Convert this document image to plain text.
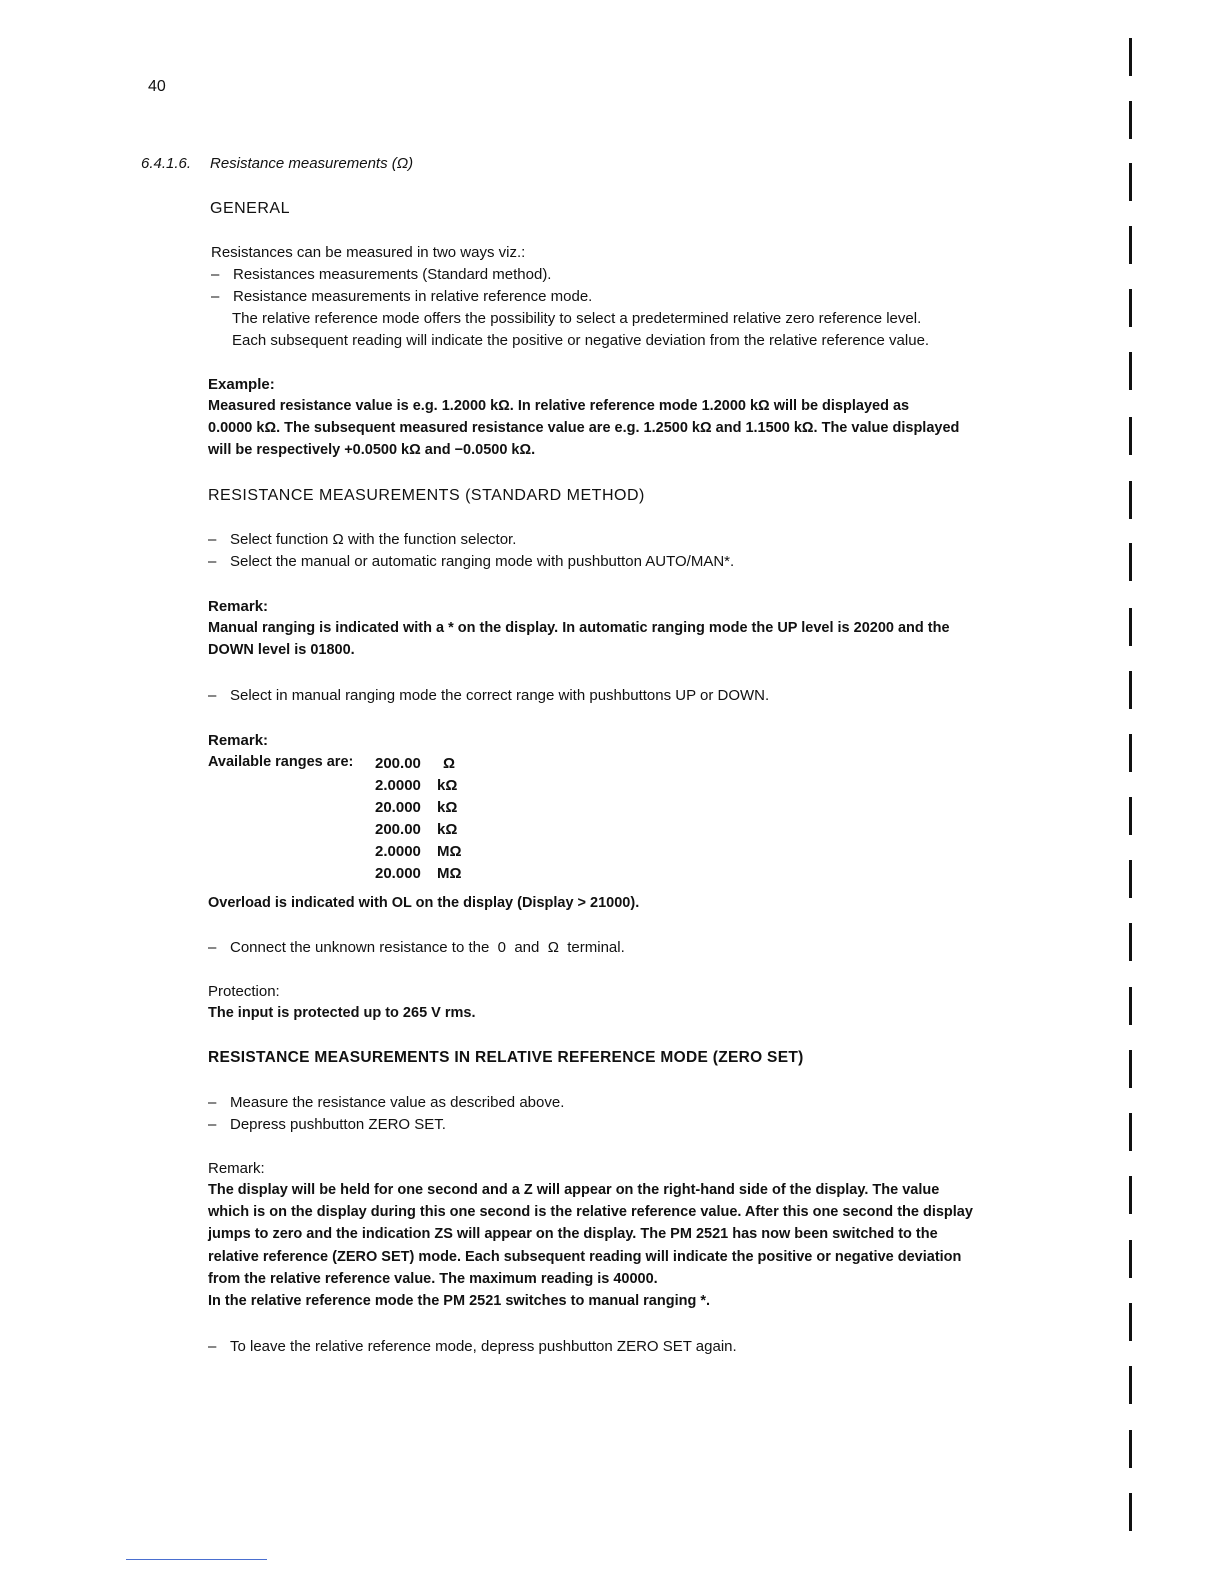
40
6.4.1.6. Resistance measurements (Ω)
GENERAL
Resistances can be measured in two ways viz.:
– Resistances measurements (Standard method).
– Resistance measurements in relative reference mode.
The relative reference mode offers the possibility to select a predetermined relative zero reference level.
Each subsequent reading will indicate the positive or negative deviation from the relative reference value.
Example:
Measured resistance value is e.g. 1.2000 kΩ. In relative reference mode 1.2000 kΩ will be displayed as
0.0000 kΩ. The subsequent measured resistance value are e.g. 1.2500 kΩ and 1.1500 kΩ. The value displayed
will be respectively +0.0500 kΩ and −0.0500 kΩ.
RESISTANCE MEASUREMENTS (STANDARD METHOD)
– Select function Ω with the function selector.
– Select the manual or automatic ranging mode with pushbutton AUTO/MAN*.
Remark:
Manual ranging is indicated with a * on the display. In automatic ranging mode the UP level is 20200 and the
DOWN level is 01800.
– Select in manual ranging mode the correct range with pushbuttons UP or DOWN.
Remark:
Available ranges are: 200.00 Ω
2.0000 kΩ
20.000 kΩ
200.00 kΩ
2.0000 MΩ
20.000 MΩ
Overload is indicated with OL on the display (Display > 21000).
– Connect the unknown resistance to the  0  and  Ω  terminal.
Protection:
The input is protected up to 265 V rms.
RESISTANCE MEASUREMENTS IN RELATIVE REFERENCE MODE (ZERO SET)
– Measure the resistance value as described above.
– Depress pushbutton ZERO SET.
Remark:
The display will be held for one second and a Z will appear on the right-hand side of the display. The value
which is on the display during this one second is the relative reference value. After this one second the display
jumps to zero and the indication ZS will appear on the display. The PM 2521 has now been switched to the
relative reference (ZERO SET) mode. Each subsequent reading will indicate the positive or negative deviation
from the relative reference value. The maximum reading is 40000.
In the relative reference mode the PM 2521 switches to manual ranging *.
– To leave the relative reference mode, depress pushbutton ZERO SET again.
